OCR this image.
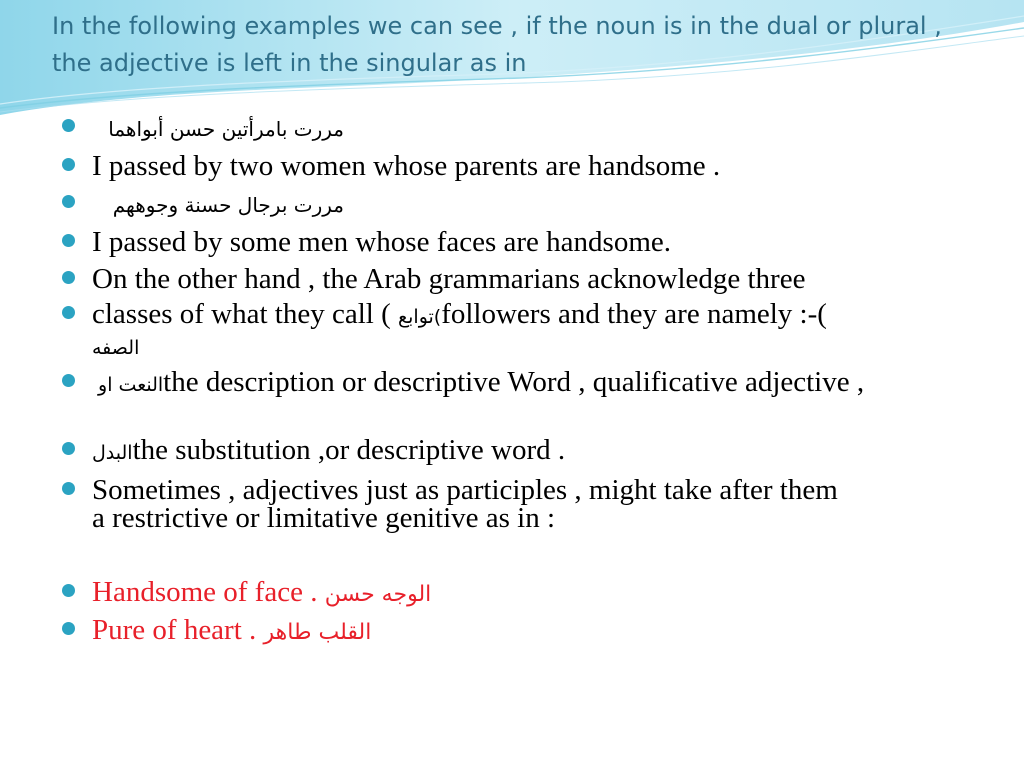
In the following examples we can see , if the noun is in the dual or plural , the adjective is left in the singular as in
مررت بامرأتين حسن أبواهما
I passed by two women whose parents are handsome .
مررت برجال حسنة وجوههم
I passed by some men whose faces are handsome.
On the other hand , the Arab grammarians acknowledge three
classes of what they call ( )توابعfollowers and they are namely :-(
الصفه
النعت او the description or descriptive Word , qualificative adjective ,
البدلthe substitution ,or descriptive word .
Sometimes , adjectives just as participles , might take after them
a restrictive or limitative genitive as in :
Handsome of face . الوجه حسن
Pure of heart . القلب طاهر
